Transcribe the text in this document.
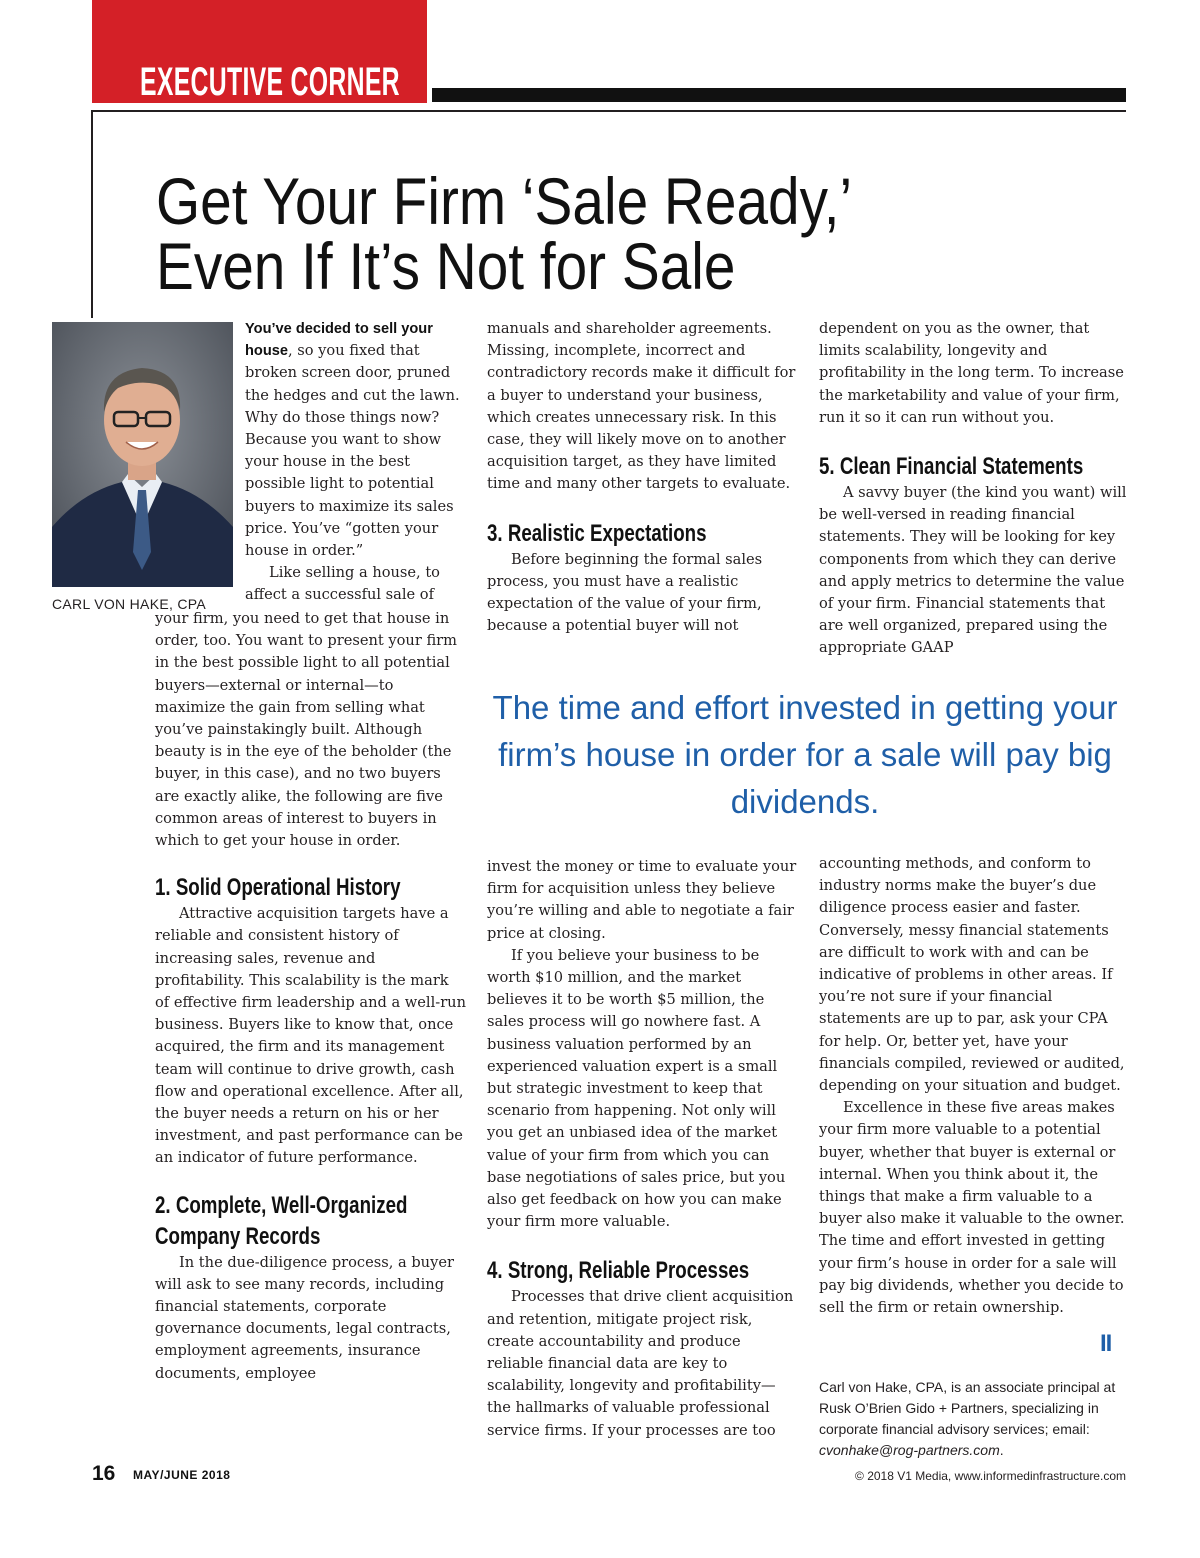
EXECUTIVE CORNER
Get Your Firm ‘Sale Ready,’
Even If It’s Not for Sale
CARL VON HAKE, CPA

You’ve decided to sell your house, so you fixed that broken screen door, pruned the hedges and cut the lawn. Why do those things now? Because you want to show your house in the best possible light to potential buyers to maximize its sales price. You’ve “gotten your house in order.”

Like selling a house, to affect a successful sale of

your firm, you need to get that house in order, too. You want to present your firm in the best possible light to all potential buyers—external or internal—to maximize the gain from selling what you’ve painstakingly built. Although beauty is in the eye of the beholder (the buyer, in this case), and no two buyers are exactly alike, the following are five common areas of interest to buyers in which to get your house in order.

1. Solid Operational History

Attractive acquisition targets have a reliable and consistent history of increasing sales, revenue and profitability. This scalability is the mark of effective firm leadership and a well-run business. Buyers like to know that, once acquired, the firm and its management team will continue to drive growth, cash flow and operational excellence. After all, the buyer needs a return on his or her investment, and past performance can be an indicator of future performance.

2. Complete, Well-Organized

Company Records

In the due-diligence process, a buyer will ask to see many records, including financial statements, corporate governance documents, legal contracts, employment agreements, insurance documents, employee

manuals and shareholder agreements. Missing, incomplete, incorrect and contradictory records make it difficult for a buyer to understand your business, which creates unnecessary risk. In this case, they will likely move on to another acquisition target, as they have limited time and many other targets to evaluate.

3. Realistic Expectations

Before beginning the formal sales process, you must have a realistic expectation of the value of your firm, because a potential buyer will not

dependent on you as the owner, that limits scalability, longevity and profitability in the long term. To increase the marketability and value of your firm, run it so it can run without you.

5. Clean Financial Statements

A savvy buyer (the kind you want) will be well-versed in reading financial statements. They will be looking for key components from which they can derive and apply metrics to determine the value of your firm. Financial statements that are well organized, prepared using the appropriate GAAP

The time and effort invested in getting your firm’s house in order for a sale will pay big dividends.

invest the money or time to evaluate your firm for acquisition unless they believe you’re willing and able to negotiate a fair price at closing.

If you believe your business to be worth $10 million, and the market believes it to be worth $5 million, the sales process will go nowhere fast. A business valuation performed by an experienced valuation expert is a small but strategic investment to keep that scenario from happening. Not only will you get an unbiased idea of the market value of your firm from which you can base negotiations of sales price, but you also get feedback on how you can make your firm more valuable.

4. Strong, Reliable Processes

Processes that drive client acquisition and retention, mitigate project risk, create accountability and produce reliable financial data are key to scalability, longevity and profitability—the hallmarks of valuable professional service firms. If your processes are too

accounting methods, and conform to industry norms make the buyer’s due diligence process easier and faster. Conversely, messy financial statements are difficult to work with and can be indicative of problems in other areas. If you’re not sure if your financial statements are up to par, ask your CPA for help. Or, better yet, have your financials compiled, reviewed or audited, depending on your situation and budget.

Excellence in these five areas makes your firm more valuable to a potential buyer, whether that buyer is external or internal. When you think about it, the things that make a firm valuable to a buyer also make it valuable to the owner. The time and effort invested in getting your firm’s house in order for a sale will pay big dividends, whether you decide to sell the firm or retain ownership.

II
Carl von Hake, CPA, is an associate principal at Rusk O’Brien Gido + Partners, specializing in corporate financial advisory services; email: cvonhake@rog-partners.com.
16 MAY/JUNE 2018	© 2018 V1 Media, www.informedinfrastructure.com
